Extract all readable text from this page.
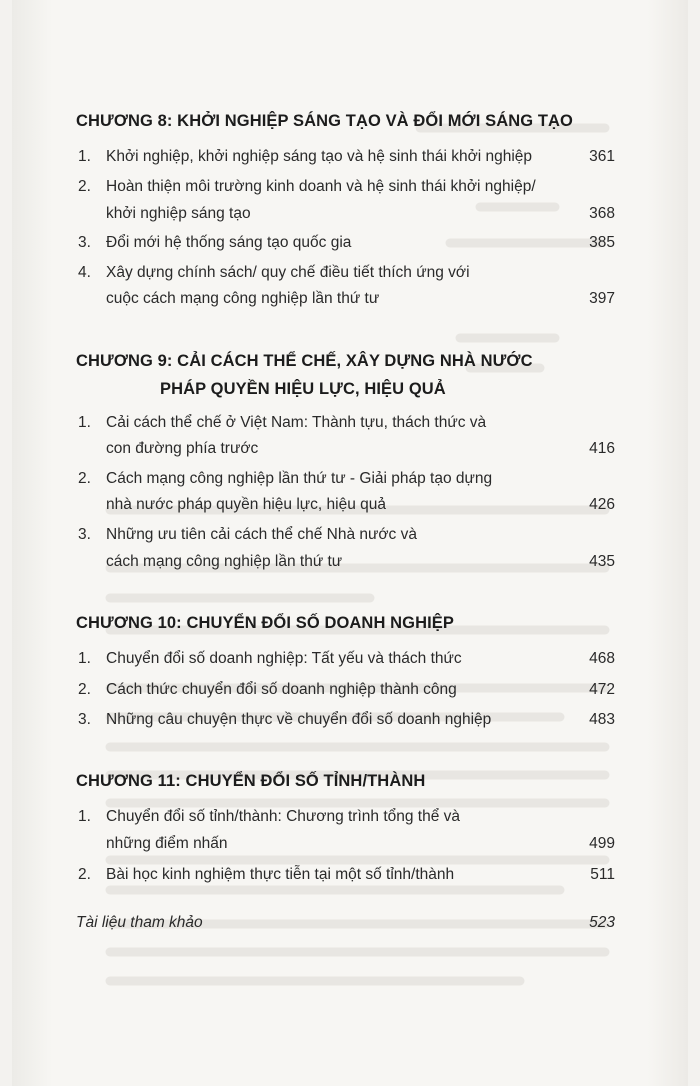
CHƯƠNG 8: KHỞI NGHIỆP SÁNG TẠO VÀ ĐỔI MỚI SÁNG TẠO
1. Khởi nghiệp, khởi nghiệp sáng tạo và hệ sinh thái khởi nghiệp	361
2. Hoàn thiện môi trường kinh doanh và hệ sinh thái khởi nghiệp/
khởi nghiệp sáng tạo	368
3. Đổi mới hệ thống sáng tạo quốc gia	385
4. Xây dựng chính sách/ quy chế điều tiết thích ứng với
cuộc cách mạng công nghiệp lần thứ tư	397
CHƯƠNG 9: CẢI CÁCH THỂ CHẾ, XÂY DỰNG NHÀ NƯỚC
PHÁP QUYỀN HIỆU LỰC, HIỆU QUẢ
1. Cải cách thể chế ở Việt Nam: Thành tựu, thách thức và
con đường phía trước	416
2. Cách mạng công nghiệp lần thứ tư - Giải pháp tạo dựng
nhà nước pháp quyền hiệu lực, hiệu quả	426
3. Những ưu tiên cải cách thể chế Nhà nước và
cách mạng công nghiệp lần thứ tư	435
CHƯƠNG 10: CHUYỂN ĐỔI SỐ DOANH NGHIỆP
1. Chuyển đổi số doanh nghiệp: Tất yếu và thách thức	468
2. Cách thức chuyển đổi số doanh nghiệp thành công	472
3. Những câu chuyện thực về chuyển đổi số doanh nghiệp	483
CHƯƠNG 11: CHUYỂN ĐỔI SỐ TỈNH/THÀNH
1. Chuyển đổi số tỉnh/thành: Chương trình tổng thể và
những điểm nhấn	499
2. Bài học kinh nghiệm thực tiễn tại một số tỉnh/thành	511
Tài liệu tham khảo	523
